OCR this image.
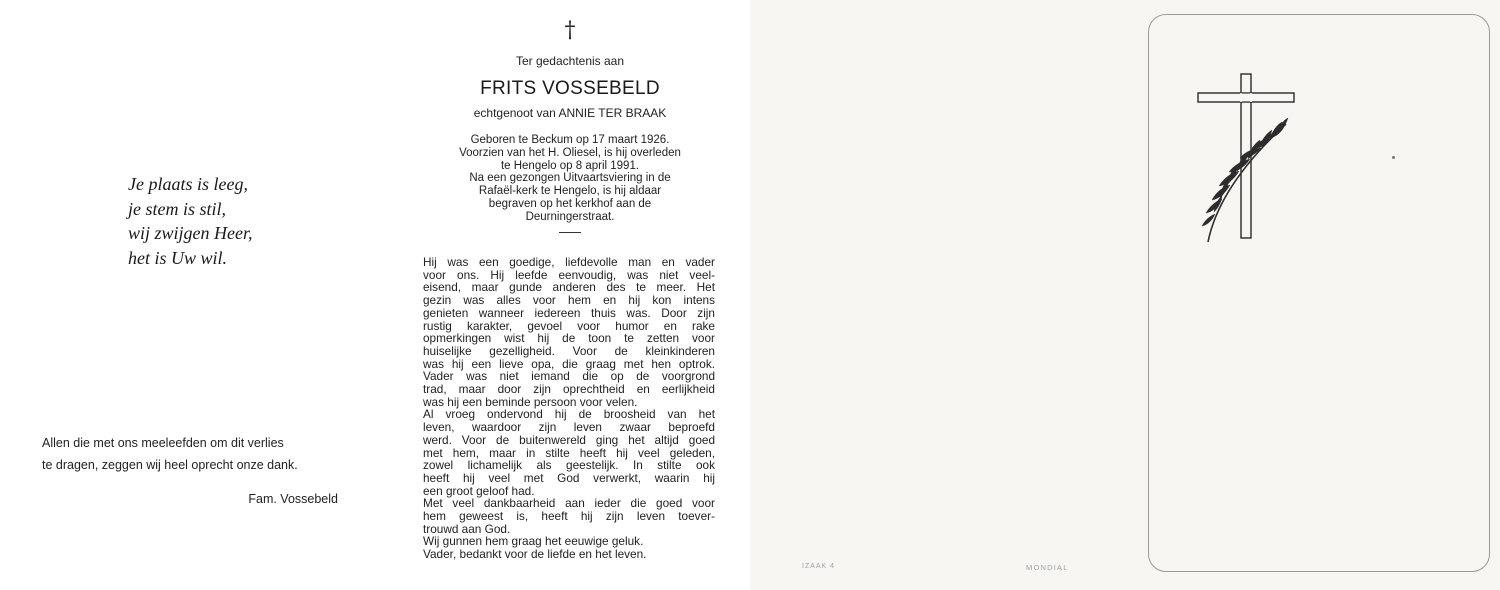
Je plaats is leeg,
je stem is stil,
wij zwijgen Heer,
het is Uw wil.
Allen die met ons meeleefden om dit verlies
te dragen, zeggen wij heel oprecht onze dank.
Fam. Vossebeld
†
Ter gedachtenis aan
FRITS VOSSEBELD
echtgenoot van ANNIE TER BRAAK
Geboren te Beckum op 17 maart 1926.
Voorzien van het H. Oliesel, is hij overleden
te Hengelo op 8 april 1991.
Na een gezongen Uitvaartsviering in de
Rafaël-kerk te Hengelo, is hij aldaar
begraven op het kerkhof aan de
Deurningerstraat.
Hij was een goedige, liefdevolle man en vader
voor ons. Hij leefde eenvoudig, was niet veel-
eisend, maar gunde anderen des te meer. Het
gezin was alles voor hem en hij kon intens
genieten wanneer iedereen thuis was. Door zijn
rustig karakter, gevoel voor humor en rake
opmerkingen wist hij de toon te zetten voor
huiselijke gezelligheid. Voor de kleinkinderen
was hij een lieve opa, die graag met hen optrok.
Vader was niet iemand die op de voorgrond
trad, maar door zijn oprechtheid en eerlijkheid
was hij een beminde persoon voor velen.
Al vroeg ondervond hij de broosheid van het
leven, waardoor zijn leven zwaar beproefd
werd. Voor de buitenwereld ging het altijd goed
met hem, maar in stilte heeft hij veel geleden,
zowel lichamelijk als geestelijk. In stilte ook
heeft hij veel met God verwerkt, waarin hij
een groot geloof had.
Met veel dankbaarheid aan ieder die goed voor
hem geweest is, heeft hij zijn leven toever-
trouwd aan God.
Wij gunnen hem graag het eeuwige geluk.
Vader, bedankt voor de liefde en het leven.
IZAAK 4	MONDIAL
